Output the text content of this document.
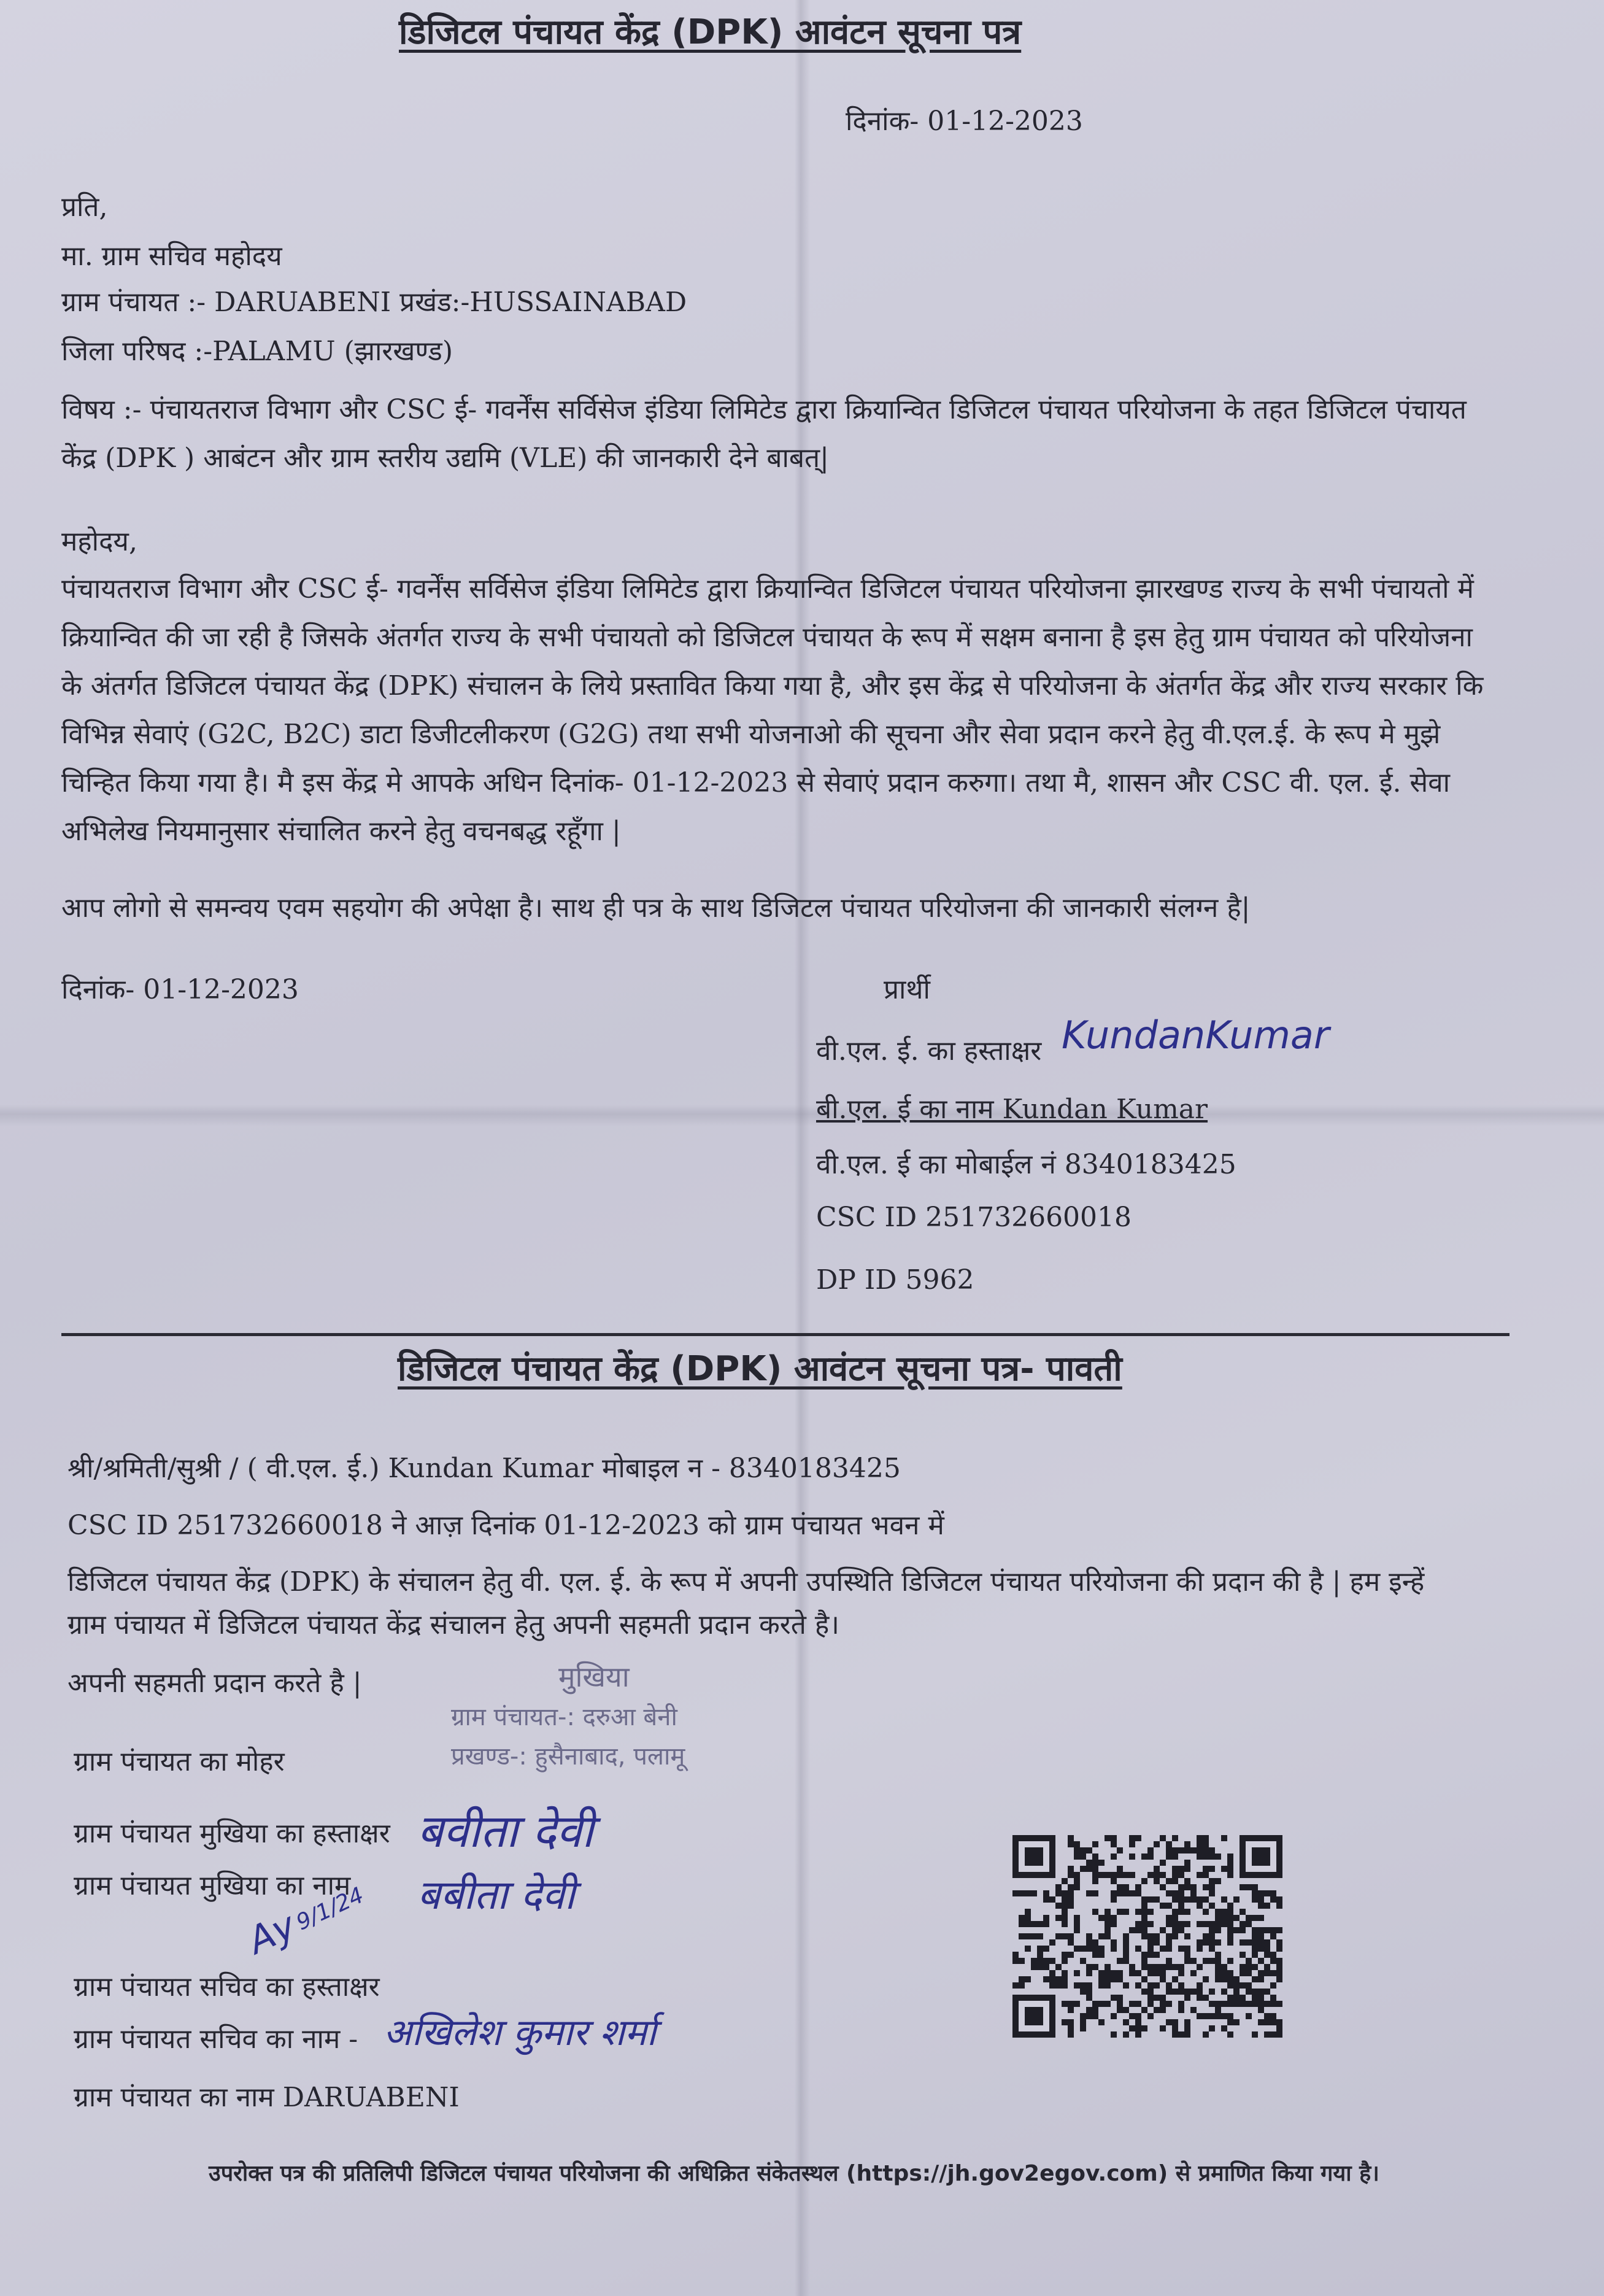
डिजिटल पंचायत केंद्र (DPK) आवंटन सूचना पत्र
दिनांक- 01-12-2023
प्रति,
मा. ग्राम सचिव महोदय
ग्राम पंचायत :- DARUABENI प्रखंड:-HUSSAINABAD
जिला परिषद :-PALAMU (झारखण्ड)
विषय :- पंचायतराज विभाग और CSC ई- गवर्नेंस सर्विसेज इंडिया लिमिटेड द्वारा क्रियान्वित डिजिटल पंचायत परियोजना के तहत डिजिटल पंचायत केंद्र (DPK ) आबंटन और ग्राम स्तरीय उद्यमि (VLE) की जानकारी देने बाबत्|
महोदय,
पंचायतराज विभाग और CSC ई- गवर्नेंस सर्विसेज इंडिया लिमिटेड द्वारा क्रियान्वित डिजिटल पंचायत परियोजना झारखण्ड राज्य के सभी पंचायतो में क्रियान्वित की जा रही है जिसके अंतर्गत राज्य के सभी पंचायतो को डिजिटल पंचायत के रूप में सक्षम बनाना है इस हेतु ग्राम पंचायत को परियोजना के अंतर्गत डिजिटल पंचायत केंद्र (DPK) संचालन के लिये प्रस्तावित किया गया है, और इस केंद्र से परियोजना के अंतर्गत केंद्र और राज्य सरकार कि विभिन्न सेवाएं (G2C, B2C) डाटा डिजीटलीकरण (G2G) तथा सभी योजनाओ की सूचना और सेवा प्रदान करने हेतु वी.एल.ई. के रूप मे मुझे चिन्हित किया गया है। मै इस केंद्र मे आपके अधिन दिनांक- 01-12-2023 से सेवाएं प्रदान करुगा। तथा मै, शासन और CSC वी. एल. ई. सेवा अभिलेख नियमानुसार संचालित करने हेतु वचनबद्ध रहूँगा |
आप लोगो से समन्वय एवम सहयोग की अपेक्षा है। साथ ही पत्र के साथ डिजिटल पंचायत परियोजना की जानकारी संलग्न है|
दिनांक- 01-12-2023	प्रार्थी
वी.एल. ई. का हस्ताक्षर KundanKumar
बी.एल. ई का नाम Kundan Kumar
वी.एल. ई का मोबाईल नं 8340183425
CSC ID 251732660018
DP ID 5962
डिजिटल पंचायत केंद्र (DPK) आवंटन सूचना पत्र- पावती
श्री/श्रमिती/सुश्री / ( वी.एल. ई.) Kundan Kumar मोबाइल न - 8340183425
CSC ID 251732660018 ने आज़ दिनांक 01-12-2023 को ग्राम पंचायत भवन में
डिजिटल पंचायत केंद्र (DPK) के संचालन हेतु वी. एल. ई. के रूप में अपनी उपस्थिति डिजिटल पंचायत परियोजना की प्रदान की है | हम इन्हें
ग्राम पंचायत में डिजिटल पंचायत केंद्र संचालन हेतु अपनी सहमती प्रदान करते है।
अपनी सहमती प्रदान करते है |	मुखिया
ग्राम पंचायत-: दरुआ बेनी
प्रखण्ड-: हुसैनाबाद, पलामू
ग्राम पंचायत का मोहर
ग्राम पंचायत मुखिया का हस्ताक्षर बवीता देवी
ग्राम पंचायत मुखिया का नाम बबीता देवी
Ay
9/1/24
ग्राम पंचायत सचिव का हस्ताक्षर
ग्राम पंचायत सचिव का नाम - अखिलेश कुमार शर्मा
ग्राम पंचायत का नाम DARUABENI
उपरोक्त पत्र की प्रतिलिपी डिजिटल पंचायत परियोजना की अधिक्रित संकेतस्थल (https://jh.gov2egov.com) से प्रमाणित किया गया है।
